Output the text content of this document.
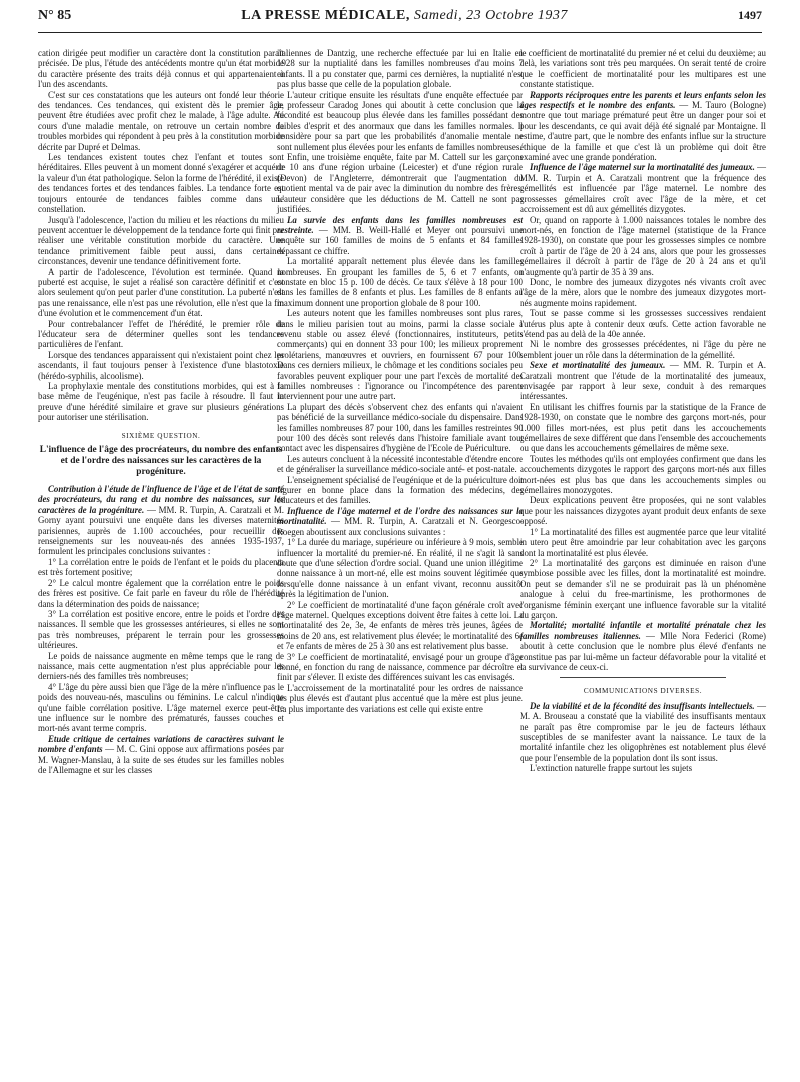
N° 85	LA PRESSE MÉDICALE, Samedi, 23 Octobre 1937	1497

cation dirigée peut modifier un caractère dont la constitution paraît précisée. De plus, l'étude des antécédents montre qu'un état morbide du caractère présente des traits déjà connus et qui appartenaient à l'un des ascendants.

C'est sur ces constatations que les auteurs ont fondé leur théorie des tendances. Ces tendances, qui existent dès le premier âge, peuvent être étudiées avec profit chez le malade, à l'âge adulte. Au cours d'une maladie mentale, on retrouve un certain nombre de troubles morbides qui répondent à peu près à la constitution morbide décrite par Dupré et Delmas.

Les tendances existent toutes chez l'enfant et toutes sont héréditaires. Elles peuvent à un moment donné s'exagérer et acquérir la valeur d'un état pathologique. Selon la forme de l'hérédité, il existe des tendances fortes et des tendances faibles. La tendance forte est toujours entourée de tendances faibles comme dans une constellation.

Jusqu'à l'adolescence, l'action du milieu et les réactions du milieu peuvent accentuer le développement de la tendance forte qui finit par réaliser une véritable constitution morbide du caractère. Une tendance primitivement faible peut aussi, dans certaines circonstances, devenir une tendance définitivement forte.

A partir de l'adolescence, l'évolution est terminée. Quand la puberté est acquise, le sujet a réalisé son caractère définitif et c'est alors seulement qu'on peut parler d'une constitution. La puberté n'est pas une renaissance, elle n'est pas une révolution, elle n'est que la fin d'une évolution et le commencement d'un état.

Pour contrebalancer l'effet de l'hérédité, le premier rôle de l'éducateur sera de déterminer quelles sont les tendances particulières de l'enfant.

Lorsque des tendances apparaissent qui n'existaient point chez les ascendants, il faut toujours penser à l'existence d'une blastotoxie (hérédo-syphilis, alcoolisme).

La prophylaxie mentale des constitutions morbides, qui est à la base même de l'eugénique, n'est pas facile à résoudre. Il faut la preuve d'une hérédité similaire et grave sur plusieurs générations pour autoriser une stérilisation.

SIXIÈME QUESTION.
L'influence de l'âge des procréateurs, du nombre des enfants et de l'ordre des naissances sur les caractères de la progéniture.

Contribution à l'étude de l'influence de l'âge et de l'état de santé des procréateurs, du rang et du nombre des naissances, sur les caractères de la progéniture. — MM. R. Turpin, A. Caratzali et M. Gorny ayant poursuivi une enquête dans les diverses maternités parisiennes, auprès de 1.100 accouchées, pour recueillir des renseignements sur les nouveau-nés des années 1935-1937, formulent les principales conclusions suivantes :

1° La corrélation entre le poids de l'enfant et le poids du placenta est très fortement positive;

2° Le calcul montre également que la corrélation entre le poids des frères est positive. Ce fait parle en faveur du rôle de l'hérédité dans la détermination des poids de naissance;

3° La corrélation est positive encore, entre le poids et l'ordre des naissances. Il semble que les grossesses antérieures, si elles ne sont pas très nombreuses, préparent le terrain pour les grossesses ultérieures.

Le poids de naissance augmente en même temps que le rang de naissance, mais cette augmentation n'est plus appréciable pour les derniers-nés des familles très nombreuses;

4° L'âge du père aussi bien que l'âge de la mère n'influence pas le poids des nouveau-nés, masculins ou féminins. Le calcul n'indique qu'une faible corrélation positive. L'âge maternel exerce peut-être une influence sur le nombre des prématurés, fausses couches et mort-nés avant terme compris.

Etude critique de certaines variations de caractères suivant le nombre d'enfants — M. C. Gini oppose aux affirmations posées par M. Wagner-Manslau, à la suite de ses études sur les familles nobles de l'Allemagne et sur les classes

italiennes de Dantzig, une recherche effectuée par lui en Italie en 1928 sur la nuptialité dans les familles nombreuses d'au moins 7 enfants. Il a pu constater que, parmi ces dernières, la nuptialité n'est pas plus basse que celle de la population globale.

L'auteur critique ensuite les résultats d'une enquête effectuée par le professeur Caradog Jones qui aboutit à cette conclusion que la fécondité est beaucoup plus élevée dans les familles possédant des faibles d'esprit et des anormaux que dans les familles normales. Il considère pour sa part que les probabilités d'anomalie mentale ne sont nullement plus élevées pour les enfants de familles nombreuses.

Enfin, une troisième enquête, faite par M. Cattell sur les garçons de 10 ans d'une région urbaine (Leicester) et d'une région rurale (Devon) de l'Angleterre, démontrerait que l'augmentation du quotient mental va de pair avec la diminution du nombre des frères. L'auteur considère que les déductions de M. Cattell ne sont pas justifiées.

La survie des enfants dans les familles nombreuses est restreinte. — MM. B. Weill-Hallé et Meyer ont poursuivi une enquête sur 160 familles de moins de 5 enfants et 84 familles dépassant ce chiffre.

La mortalité apparaît nettement plus élevée dans les familles nombreuses. En groupant les familles de 5, 6 et 7 enfants, on constate en bloc 15 p. 100 de décès. Ce taux s'élève à 18 pour 100 dans les familles de 8 enfants et plus. Les familles de 8 enfants au maximum donnent une proportion globale de 8 pour 100.

Les auteurs notent que les familles nombreuses sont plus rares, dans le milieu parisien tout au moins, parmi la classe sociale à revenu stable ou assez élevé (fonctionnaires, instituteurs, petits commerçants) qui en donnent 33 pour 100; les milieux proprement prolétariens, manœuvres et ouvriers, en fournissent 67 pour 100. Dans ces derniers milieux, le chômage et les conditions sociales peu favorables peuvent expliquer pour une part l'excès de mortalité des familles nombreuses : l'ignorance ou l'incompétence des parents interviennent pour une autre part.

La plupart des décès s'observent chez des enfants qui n'avaient pas bénéficié de la surveillance médico-sociale du dispensaire. Dans les familles nombreuses 87 pour 100, dans les familles restreintes 90 pour 100 des décès sont relevés dans l'histoire familiale avant tout contact avec les dispensaires d'hygiène de l'Ecole de Puériculture.

Les auteurs concluent à la nécessité incontestable d'étendre encore et de généraliser la surveillance médico-sociale anté- et post-natale.

L'enseignement spécialisé de l'eugénique et de la puériculture doit figurer en bonne place dans la formation des médecins, des éducateurs et des familles.

Influence de l'âge maternel et de l'ordre des naissances sur la mortinatalité. — MM. R. Turpin, A. Caratzali et N. Georgesco-Roegen aboutissent aux conclusions suivantes :

1° La durée du mariage, supérieure ou inférieure à 9 mois, semble influencer la mortalité du premier-né. En réalité, il ne s'agit là sans doute que d'une sélection d'ordre social. Quand une union illégitime donne naissance à un mort-né, elle est moins souvent légitimée que lorsqu'elle donne naissance à un enfant vivant, reconnu aussitôt après la légitimation de l'union.

2° Le coefficient de mortinatalité d'une façon générale croît avec l'âge maternel. Quelques exceptions doivent être faites à cette loi. La mortinatalité des 2e, 3e, 4e enfants de mères très jeunes, âgées de moins de 20 ans, est relativement plus élevée; le mortinatalité des 6e et 7e enfants de mères de 25 à 30 ans est relativement plus basse.

3° Le coefficient de mortinatalité, envisagé pour un groupe d'âge donné, en fonction du rang de naissance, commence par décroître et finit par s'élever. Il existe des différences suivant les cas envisagés.

L'accroissement de la mortinatalité pour les ordres de naissance les plus élevés est d'autant plus accentué que la mère est plus jeune. La plus importante des variations est celle qui existe entre

le coefficient de mortinatalité du premier né et celui du deuxième; au delà, les variations sont très peu marquées. On serait tenté de croire que le coefficient de mortinatalité pour les multipares est une constante statistique.

Rapports réciproques entre les parents et leurs enfants selon les âges respectifs et le nombre des enfants. — M. Tauro (Bologne) montre que tout mariage prématuré peut être un danger pour soi et pour les descendants, ce qui avait déjà été signalé par Montaigne. Il estime, d'autre part, que le nombre des enfants influe sur la structure éthique de la famille et que c'est là un problème qui doit être examiné avec une grande pondération.

Influence de l'âge maternel sur la mortinatalité des jumeaux. — MM. R. Turpin et A. Caratzali montrent que la fréquence des gémellités est influencée par l'âge maternel. Le nombre des grossesses gémellaires croît avec l'âge de la mère, et cet accroissement est dû aux gémellités dizygotes.

Or, quand on rapporte à 1.000 naissances totales le nombre des mort-nés, en fonction de l'âge maternel (statistique de la France 1928-1930), on constate que pour les grossesses simples ce nombre croît à partir de l'âge de 20 à 24 ans, alors que pour les grossesses gémellaires il décroît à partir de l'âge de 20 à 24 ans et qu'il n'augmente qu'à partir de 35 à 39 ans.

Donc, le nombre des jumeaux dizygotes nés vivants croît avec l'âge de la mère, alors que le nombre des jumeaux dizygotes mort-nés augmente moins rapidement.

Tout se passe comme si les grossesses successives rendaient l'utérus plus apte à contenir deux œufs. Cette action favorable ne s'étend pas au delà de la 40e année.

Ni le nombre des grossesses précédentes, ni l'âge du père ne semblent jouer un rôle dans la détermination de la gémellité.

Sexe et mortinatalité des jumeaux. — MM. R. Turpin et A. Caratzali montrent que l'étude de la mortinatalité des jumeaux, envisagée par rapport à leur sexe, conduit à des remarques intéressantes.

En utilisant les chiffres fournis par la statistique de la France de 1928-1930, on constate que le nombre des garçons mort-nés, pour 1.000 filles mort-nées, est plus petit dans les accouchements gémellaires de sexe différent que dans l'ensemble des accouchements ou que dans les accouchements gémellaires de même sexe.

Toutes les méthodes qu'ils ont employées confirment que dans les accouchements dizygotes le rapport des garçons mort-nés aux filles mort-nées est plus bas que dans les accouchements simples ou gémellaires monozygotes.

Deux explications peuvent être proposées, qui ne sont valables que pour les naissances dizygotes ayant produit deux enfants de sexe opposé.

1° La mortinatalité des filles est augmentée parce que leur vitalité in utero peut être amoindrie par leur cohabitation avec les garçons dont la mortinatalité est plus élevée.

2° La mortinatalité des garçons est diminuée en raison d'une symbiose possible avec les filles, dont la mortinatalité est moindre. On peut se demander s'il ne se produirait pas là un phénomène analogue à celui du free-martinisme, les prothormones de l'organisme féminin exerçant une influence favorable sur la vitalité du garçon.

Mortalité; mortalité infantile et mortalité prénatale chez les familles nombreuses italiennes. — Mlle Nora Federici (Rome) aboutit à cette conclusion que le nombre plus élevé d'enfants ne constitue pas par lui-même un facteur défavorable pour la vitalité et la survivance de ceux-ci.

COMMUNICATIONS DIVERSES.

De la viabilité et de la fécondité des insuffisants intellectuels. — M. A. Brouseau a constaté que la viabilité des insuffisants mentaux ne paraît pas être compromise par le jeu de facteurs léthaux susceptibles de se manifester avant la naissance. Le taux de la mortalité infantile chez les oligophrènes est notablement plus élevé que pour l'ensemble de la population dont ils sont issus.

L'extinction naturelle frappe surtout les sujets
